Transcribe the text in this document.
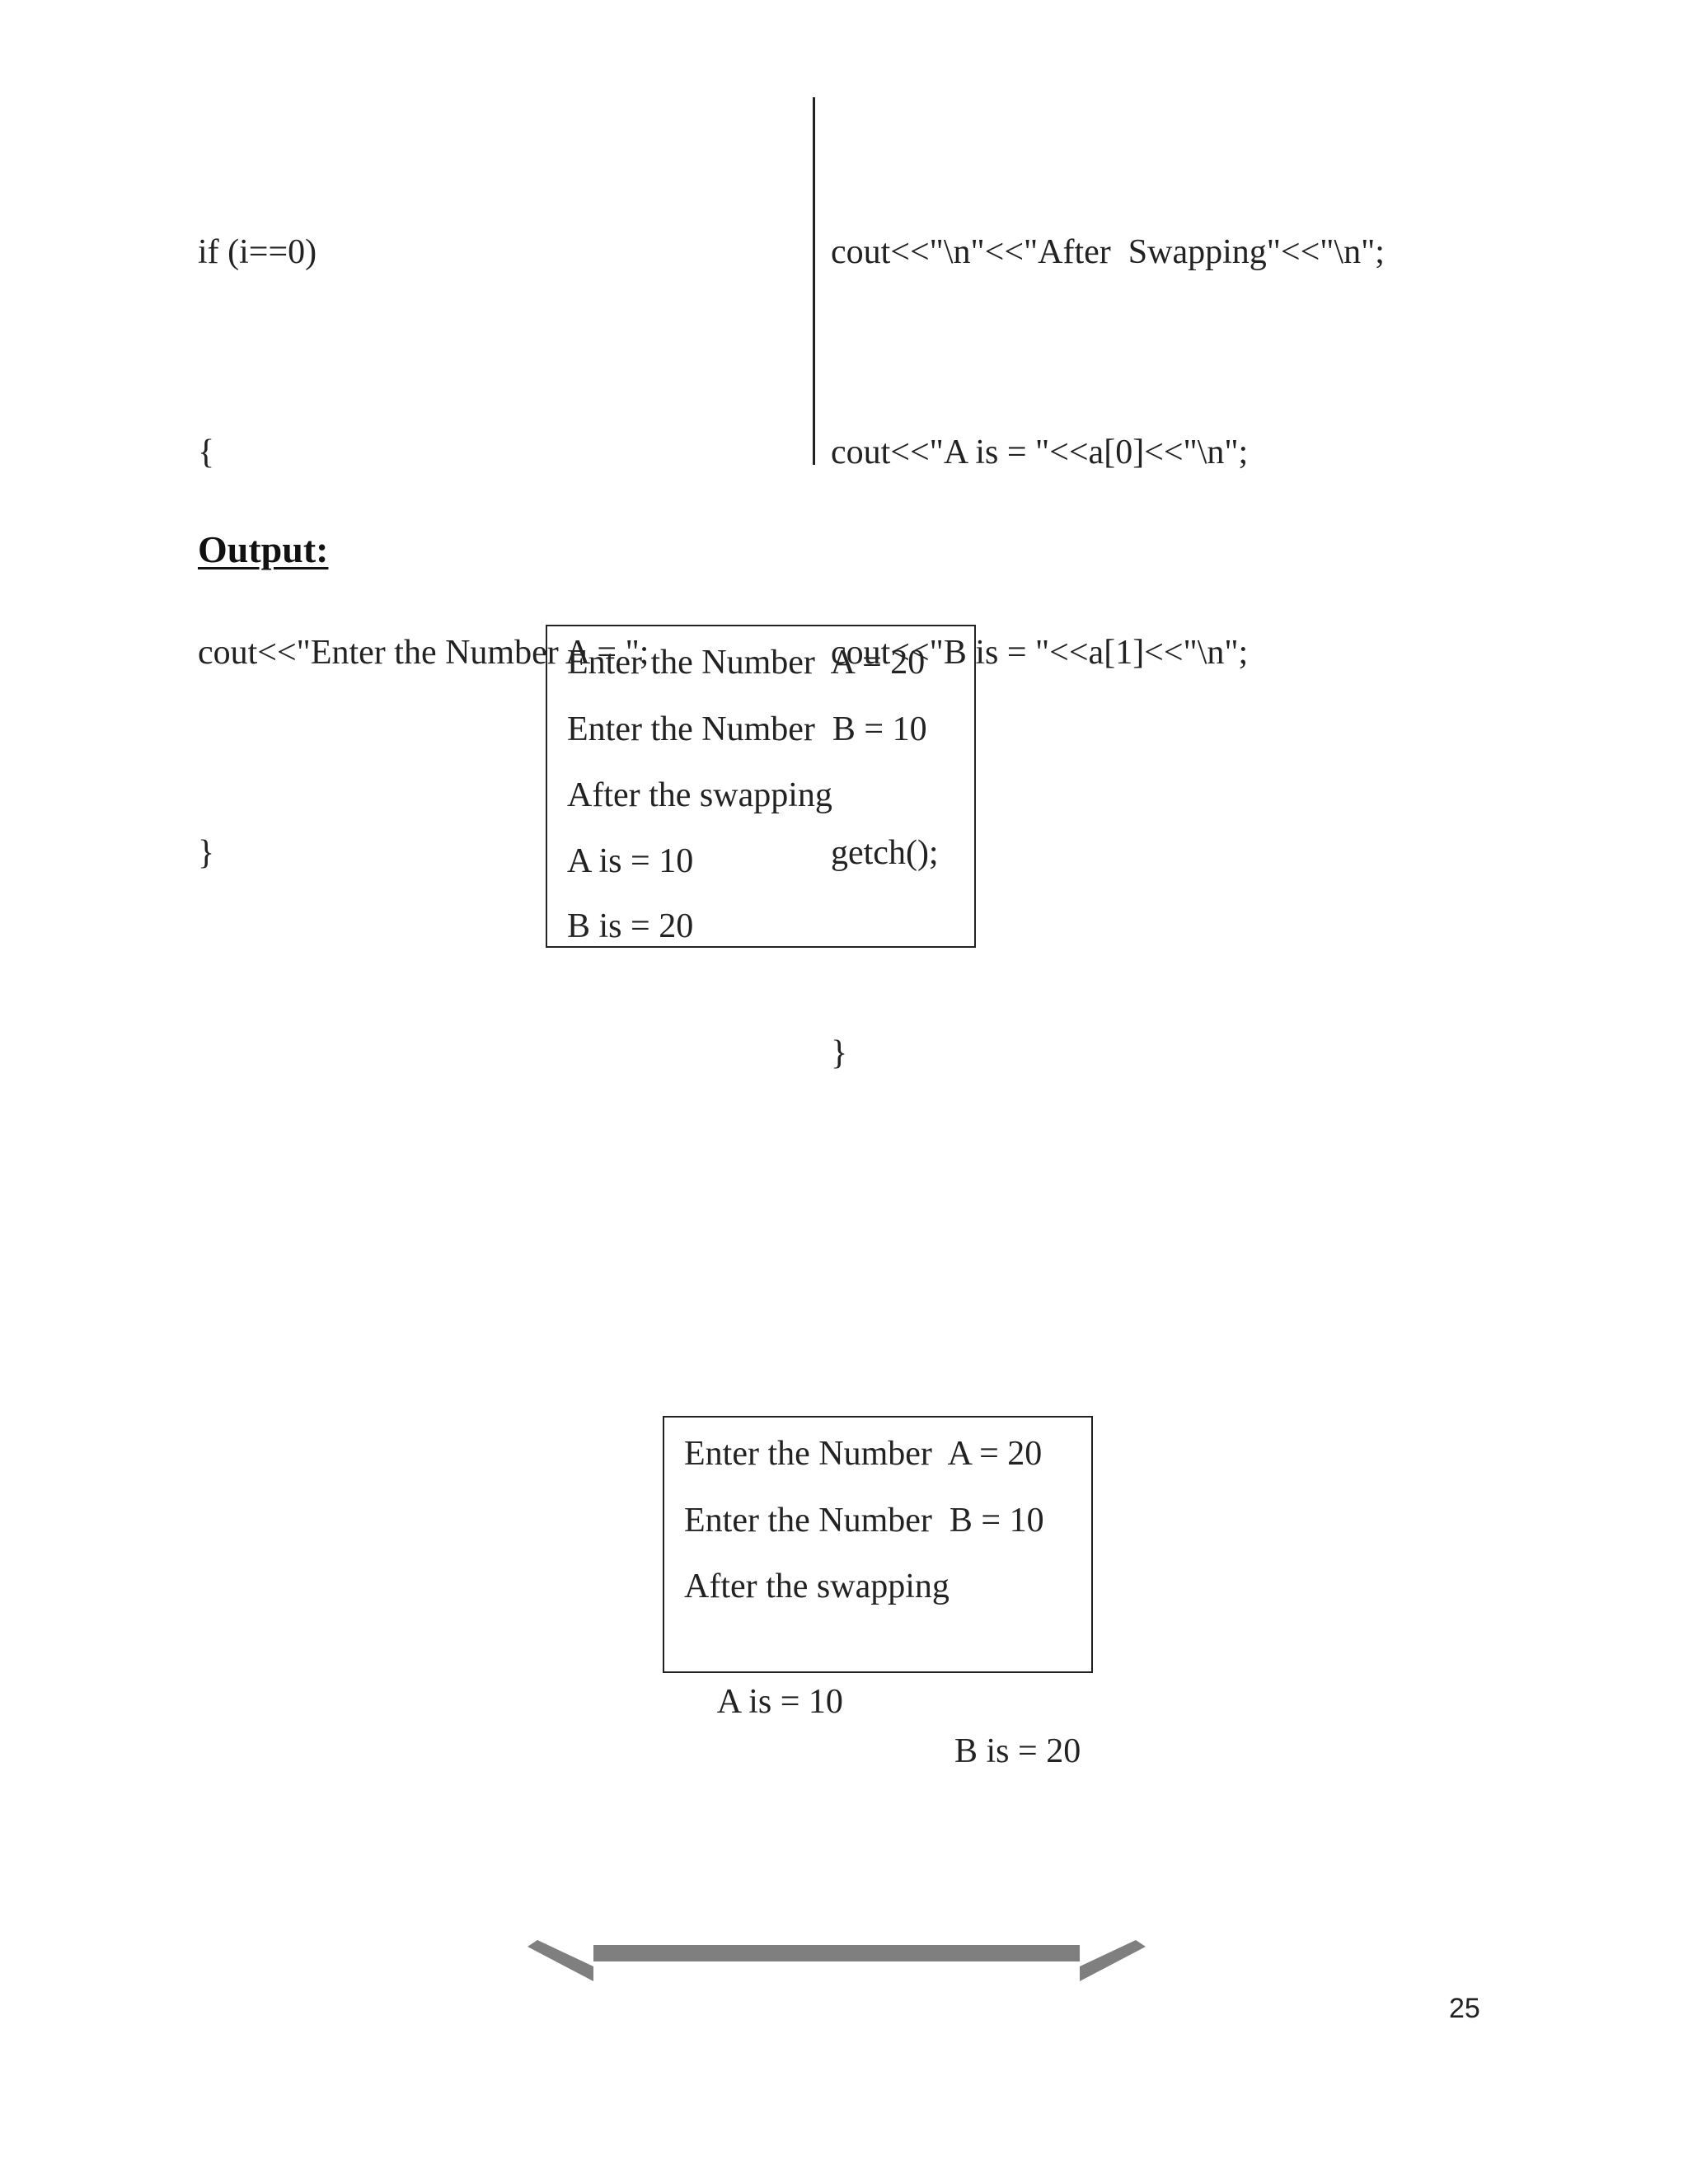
if (i==0)

{

cout<<"Enter the Number A = ";

}

cout<<"\n"<<"After  Swapping"<<"\n";

cout<<"A is = "<<a[0]<<"\n";

cout<<"B is = "<<a[1]<<"\n";

getch();

}

Output:

Enter the Number  A = 20

Enter the Number  B = 10

After the swapping

A is = 10

B is = 20

Enter the Number  A = 20

Enter the Number  B = 10

After the swapping

A is = 10

B is = 20

25
